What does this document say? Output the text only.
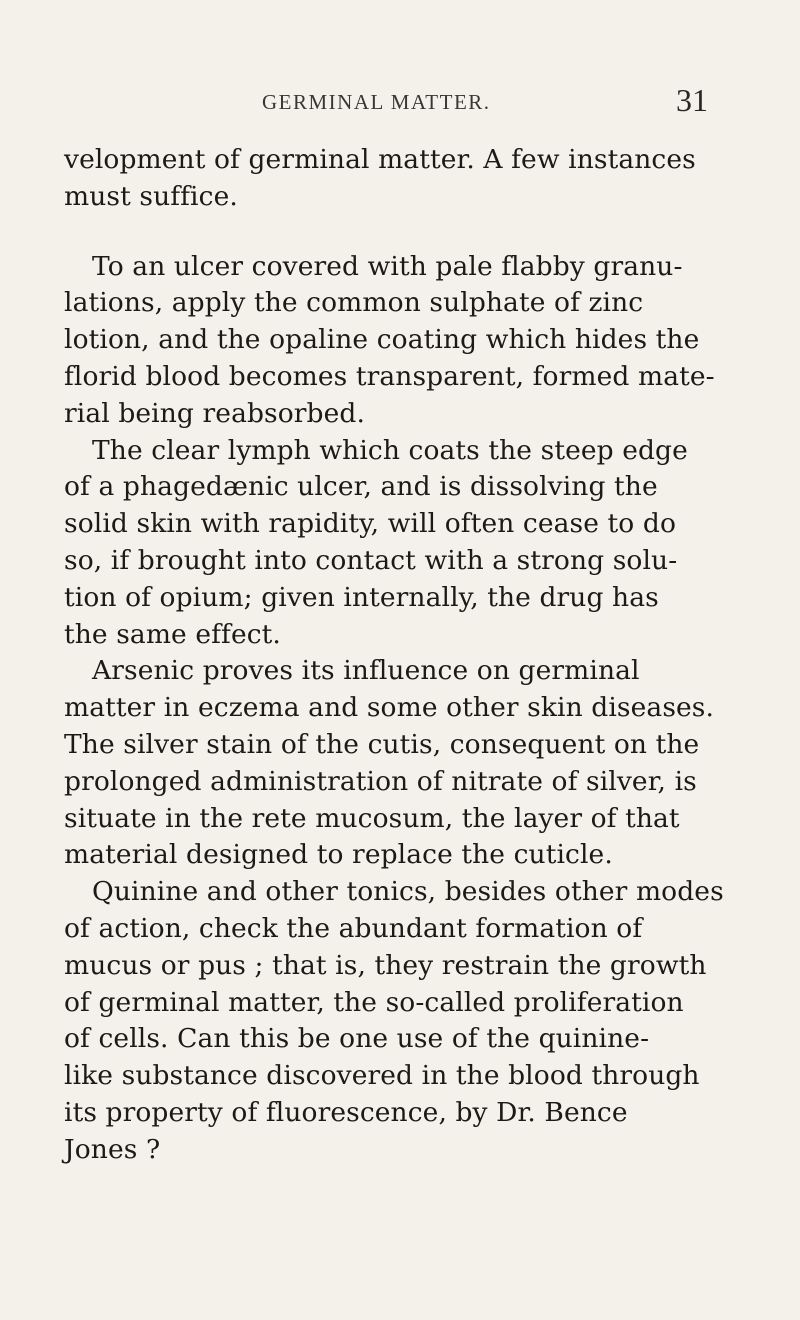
GERMINAL MATTER.	31
velopment of germinal matter. A few instances
must suffice.
To an ulcer covered with pale flabby granu-
lations, apply the common sulphate of zinc
lotion, and the opaline coating which hides the
florid blood becomes transparent, formed mate-
rial being reabsorbed.
The clear lymph which coats the steep edge
of a phagedænic ulcer, and is dissolving the
solid skin with rapidity, will often cease to do
so, if brought into contact with a strong solu-
tion of opium; given internally, the drug has
the same effect.
Arsenic proves its influence on germinal
matter in eczema and some other skin diseases.
The silver stain of the cutis, consequent on the
prolonged administration of nitrate of silver, is
situate in the rete mucosum, the layer of that
material designed to replace the cuticle.
Quinine and other tonics, besides other modes
of action, check the abundant formation of
mucus or pus ; that is, they restrain the growth
of germinal matter, the so-called proliferation
of cells. Can this be one use of the quinine-
like substance discovered in the blood through
its property of fluorescence, by Dr. Bence
Jones ?
